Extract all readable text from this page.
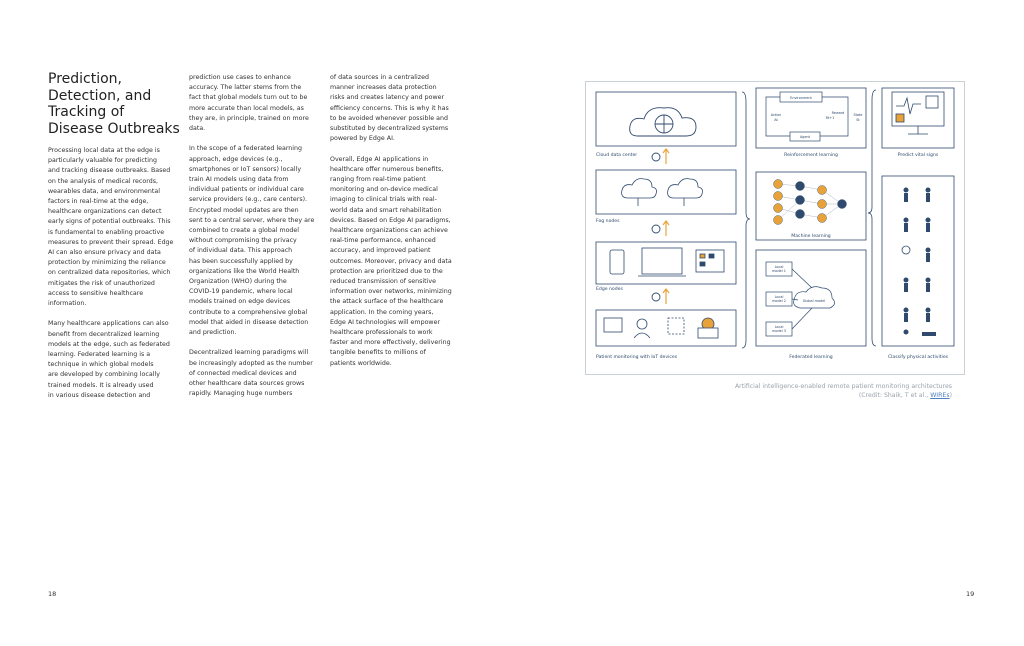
Prediction, Detection, and Tracking of Disease Outbreaks

Processing local data at the edge is
particularly valuable for predicting
and tracking disease outbreaks. Based
on the analysis of medical records,
wearables data, and environmental
factors in real-time at the edge,
healthcare organizations can detect
early signs of potential outbreaks. This
is fundamental to enabling proactive
measures to prevent their spread. Edge
AI can also ensure privacy and data
protection by minimizing the reliance
on centralized data repositories, which
mitigates the risk of unauthorized
access to sensitive healthcare
information.

Many healthcare applications can also
benefit from decentralized learning
models at the edge, such as federated
learning. Federated learning is a
technique in which global models
are developed by combining locally
trained models. It is already used
in various disease detection and

prediction use cases to enhance
accuracy. The latter stems from the
fact that global models turn out to be
more accurate than local models, as
they are, in principle, trained on more
data.

In the scope of a federated learning
approach, edge devices (e.g.,
smartphones or IoT sensors) locally
train AI models using data from
individual patients or individual care
service providers (e.g., care centers).
Encrypted model updates are then
sent to a central server, where they are
combined to create a global model
without compromising the privacy
of individual data. This approach
has been successfully applied by
organizations like the World Health
Organization (WHO) during the
COVID-19 pandemic, where local
models trained on edge devices
contribute to a comprehensive global
model that aided in disease detection
and prediction.

Decentralized learning paradigms will
be increasingly adopted as the number
of connected medical devices and
other healthcare data sources grows
rapidly. Managing huge numbers

of data sources in a centralized
manner increases data protection
risks and creates latency and power
efficiency concerns. This is why it has
to be avoided whenever possible and
substituted by decentralized systems
powered by Edge AI.

Overall, Edge AI applications in
healthcare offer numerous benefits,
ranging from real-time patient
monitoring and on-device medical
imaging to clinical trials with real-
world data and smart rehabilitation
devices. Based on Edge AI paradigms,
healthcare organizations can achieve
real-time performance, enhanced
accuracy, and improved patient
outcomes. Moreover, privacy and data
protection are prioritized due to the
reduced transmission of sensitive
information over networks, minimizing
the attack surface of the healthcare
application. In the coming years,
Edge AI technologies will empower
healthcare professionals to work
faster and more effectively, delivering
tangible benefits to millions of
patients worldwide.

Cloud data center
Fog nodes
Edge nodes
Patient monitoring with IoT devices
Reinforcement learning
Machine learning
Federated learning
Predict vital signs
Classify physical activities
Environment
Agent
Action
At
Reward
Rt+1
State
St
Local model 1
Local model 2
Local model 3
Global model
Artificial intelligence-enabled remote patient monitoring architectures
(Credit: Shaik, T et al., WIREs)
18	19
